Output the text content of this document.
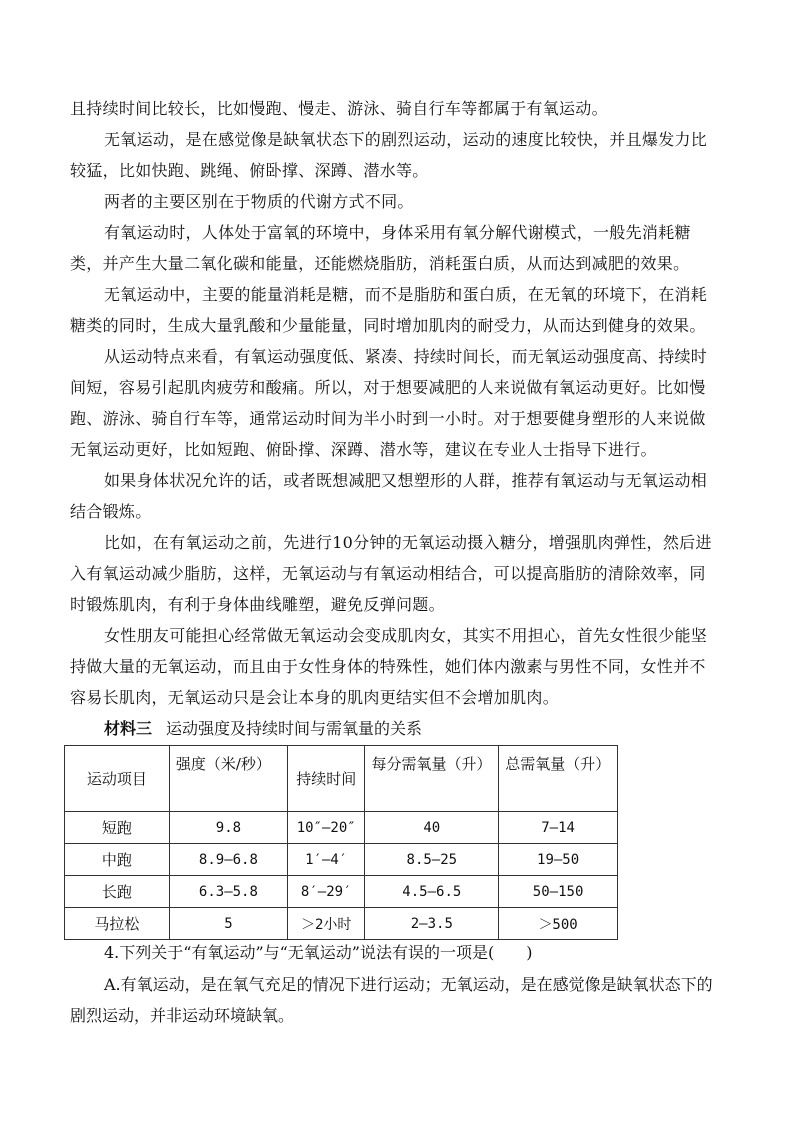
且持续时间比较长，比如慢跑、慢走、游泳、骑自行车等都属于有氧运动。

无氧运动，是在感觉像是缺氧状态下的剧烈运动，运动的速度比较快，并且爆发力比较猛，比如快跑、跳绳、俯卧撑、深蹲、潜水等。

两者的主要区别在于物质的代谢方式不同。

有氧运动时，人体处于富氧的环境中，身体采用有氧分解代谢模式，一般先消耗糖类，并产生大量二氧化碳和能量，还能燃烧脂肪，消耗蛋白质，从而达到减肥的效果。

无氧运动中，主要的能量消耗是糖，而不是脂肪和蛋白质，在无氧的环境下，在消耗糖类的同时，生成大量乳酸和少量能量，同时增加肌肉的耐受力，从而达到健身的效果。

从运动特点来看，有氧运动强度低、紧凑、持续时间长，而无氧运动强度高、持续时间短，容易引起肌肉疲劳和酸痛。所以，对于想要减肥的人来说做有氧运动更好。比如慢跑、游泳、骑自行车等，通常运动时间为半小时到一小时。对于想要健身塑形的人来说做无氧运动更好，比如短跑、俯卧撑、深蹲、潜水等，建议在专业人士指导下进行。

如果身体状况允许的话，或者既想减肥又想塑形的人群，推荐有氧运动与无氧运动相结合锻炼。

比如，在有氧运动之前，先进行10分钟的无氧运动摄入糖分，增强肌肉弹性，然后进入有氧运动减少脂肪，这样，无氧运动与有氧运动相结合，可以提高脂肪的清除效率，同时锻炼肌肉，有利于身体曲线雕塑，避免反弹问题。

女性朋友可能担心经常做无氧运动会变成肌肉女，其实不用担心，首先女性很少能坚持做大量的无氧运动，而且由于女性身体的特殊性，她们体内激素与男性不同，女性并不容易长肌肉，无氧运动只是会让本身的肌肉更结实但不会增加肌肉。

材料三 运动强度及持续时间与需氧量的关系

运动项目	强度（米/秒）	持续时间	每分需氧量（升）	总需氧量（升）
短跑	9.8	10″—20″	40	7—14
中跑	8.9—6.8	1′—4′	8.5—25	19—50
长跑	6.3—5.8	8′—29′	4.5—6.5	50—150
马拉松	5	＞2小时	2—3.5	＞500

4.下列关于“有氧运动”与“无氧运动”说法有误的一项是(　　)

A.有氧运动，是在氧气充足的情况下进行运动；无氧运动，是在感觉像是缺氧状态下的剧烈运动，并非运动环境缺氧。
